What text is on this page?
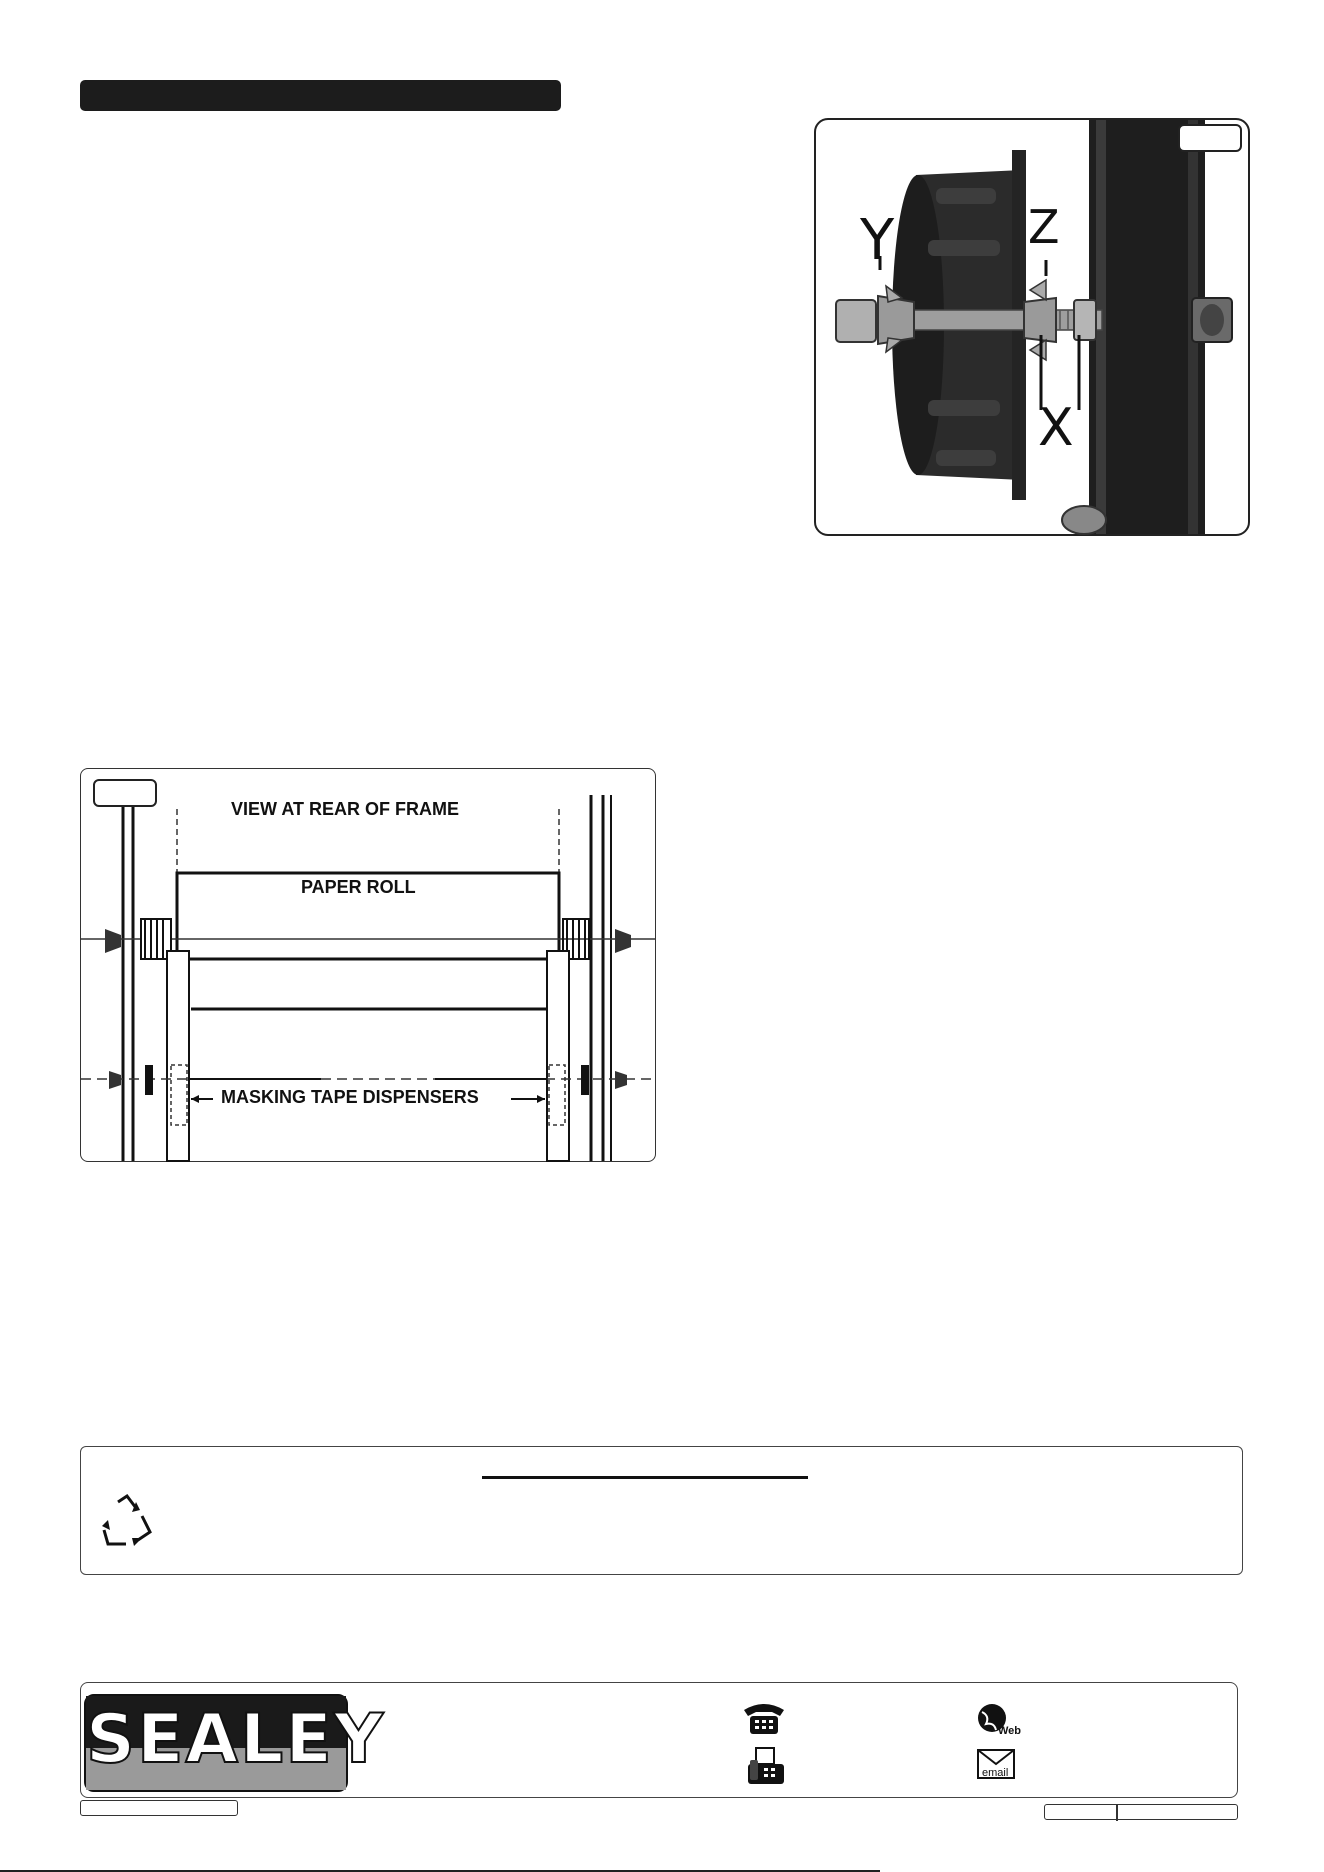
Y	Z
X
VIEW AT REAR OF FRAME
PAPER ROLL
MASKING TAPE DISPENSERS
SEALEY	Web
email
